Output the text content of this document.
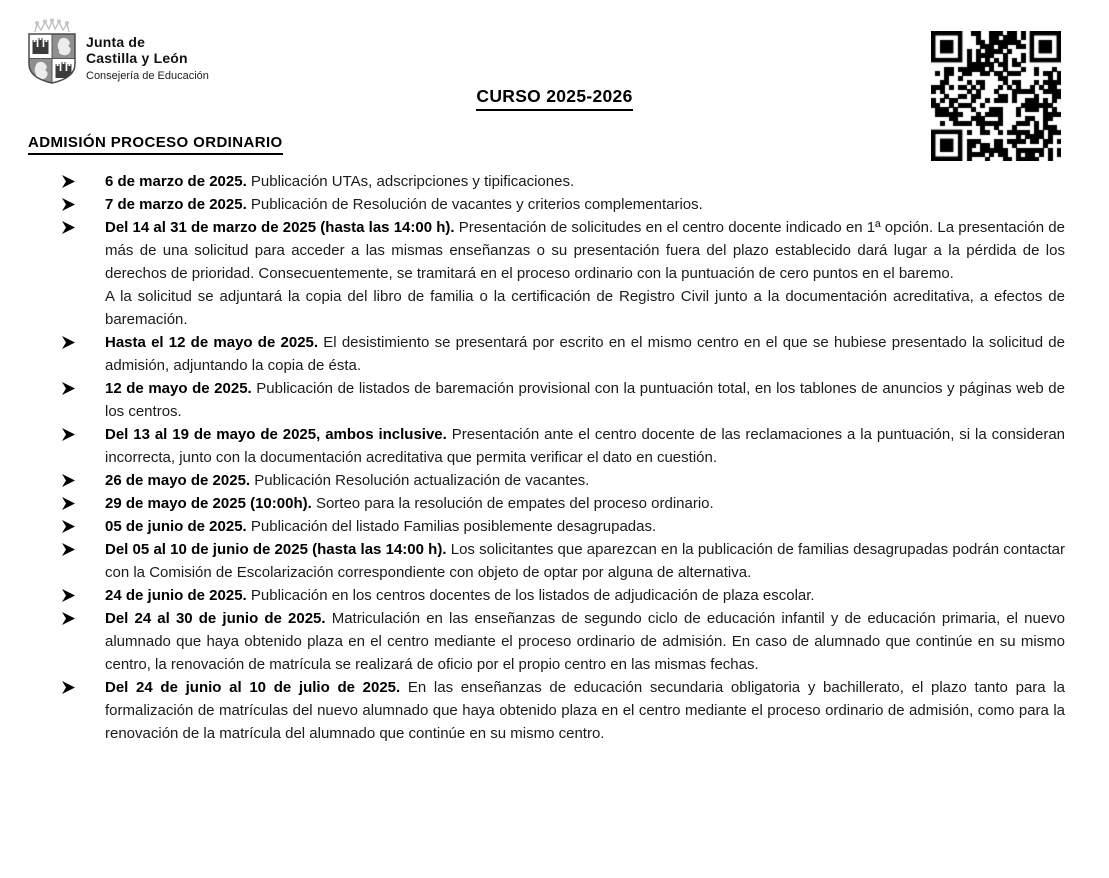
Junta de
Castilla y León
Consejería de Educación
CURSO 2025-2026
ADMISIÓN PROCESO ORDINARIO
6 de marzo de 2025. Publicación UTAs, adscripciones y tipificaciones.
7 de marzo de 2025. Publicación de Resolución de vacantes y criterios complementarios.
Del 14 al 31 de marzo de 2025 (hasta las 14:00 h). Presentación de solicitudes en el centro docente indicado en 1ª opción. La presentación de más de una solicitud para acceder a las mismas enseñanzas o su presentación fuera del plazo establecido dará lugar a la pérdida de los derechos de prioridad. Consecuentemente, se tramitará en el proceso ordinario con la puntuación de cero puntos en el baremo.
A la solicitud se adjuntará la copia del libro de familia o la certificación de Registro Civil junto a la documentación acreditativa, a efectos de baremación.
Hasta el 12 de mayo de 2025. El desistimiento se presentará por escrito en el mismo centro en el que se hubiese presentado la solicitud de admisión, adjuntando la copia de ésta.
12 de mayo de 2025. Publicación de listados de baremación provisional con la puntuación total, en los tablones de anuncios y páginas web de los centros.
Del 13 al 19 de mayo de 2025, ambos inclusive. Presentación ante el centro docente de las reclamaciones a la puntuación, si la consideran incorrecta, junto con la documentación acreditativa que permita verificar el dato en cuestión.
26 de mayo de 2025. Publicación Resolución actualización de vacantes.
29 de mayo de 2025 (10:00h). Sorteo para la resolución de empates del proceso ordinario.
05 de junio de 2025. Publicación del listado Familias posiblemente desagrupadas.
Del 05 al 10 de junio de 2025 (hasta las 14:00 h). Los solicitantes que aparezcan en la publicación de familias desagrupadas podrán contactar con la Comisión de Escolarización correspondiente con objeto de optar por alguna de alternativa.
24 de junio de 2025. Publicación en los centros docentes de los listados de adjudicación de plaza escolar.
Del 24 al 30 de junio de 2025. Matriculación en las enseñanzas de segundo ciclo de educación infantil y de educación primaria, el nuevo alumnado que haya obtenido plaza en el centro mediante el proceso ordinario de admisión. En caso de alumnado que continúe en su mismo centro, la renovación de matrícula se realizará de oficio por el propio centro en las mismas fechas.
Del 24 de junio al 10 de julio de 2025. En las enseñanzas de educación secundaria obligatoria y bachillerato, el plazo tanto para la formalización de matrículas del nuevo alumnado que haya obtenido plaza en el centro mediante el proceso ordinario de admisión, como para la renovación de la matrícula del alumnado que continúe en su mismo centro.
